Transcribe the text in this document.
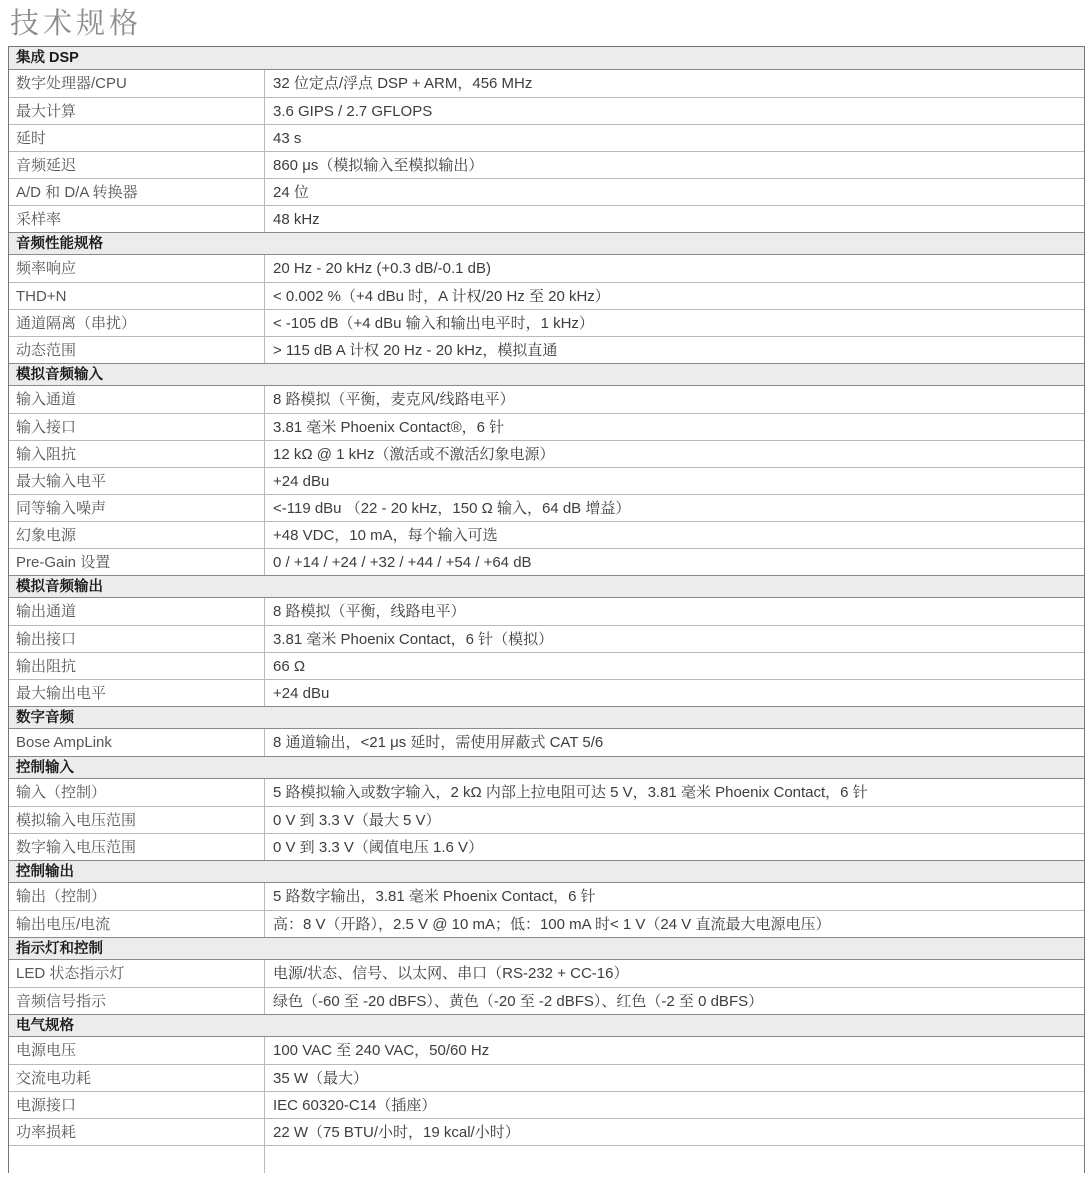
技术规格
集成 DSP
数字处理器/CPU	32 位定点/浮点 DSP + ARM，456 MHz
最大计算	3.6 GIPS / 2.7 GFLOPS
延时	43 s
音频延迟	860 μs（模拟输入至模拟输出）
A/D 和 D/A 转换器	24 位
采样率	48 kHz
音频性能规格
频率响应	20 Hz - 20 kHz (+0.3 dB/-0.1 dB)
THD+N	< 0.002 %（+4 dBu 时，A 计权/20 Hz 至 20 kHz）
通道隔离（串扰）	< -105 dB（+4 dBu 输入和输出电平时，1 kHz）
动态范围	> 115 dB A 计权 20 Hz - 20 kHz，模拟直通
模拟音频输入
输入通道	8 路模拟（平衡，麦克风/线路电平）
输入接口	3.81 毫米 Phoenix Contact®，6 针
输入阻抗	12 kΩ @ 1 kHz（激活或不激活幻象电源）
最大输入电平	+24 dBu
同等输入噪声	<-119 dBu （22 - 20 kHz，150 Ω 输入，64 dB 增益）
幻象电源	+48 VDC，10 mA，每个输入可选
Pre-Gain 设置	0 / +14 / +24 / +32 / +44 / +54 / +64 dB
模拟音频输出
输出通道	8 路模拟（平衡，线路电平）
输出接口	3.81 毫米 Phoenix Contact，6 针（模拟）
输出阻抗	66 Ω
最大输出电平	+24 dBu
数字音频
Bose AmpLink	8 通道输出，<21 μs 延时，需使用屏蔽式 CAT 5/6
控制输入
输入（控制）	5 路模拟输入或数字输入，2 kΩ 内部上拉电阻可达 5 V，3.81 毫米 Phoenix Contact，6 针
模拟输入电压范围	0 V 到 3.3 V（最大 5 V）
数字输入电压范围	0 V 到 3.3 V（阈值电压 1.6 V）
控制输出
输出（控制）	5 路数字输出，3.81 毫米 Phoenix Contact，6 针
输出电压/电流	高：8 V（开路），2.5 V @ 10 mA；低：100 mA 时< 1 V（24 V 直流最大电源电压）
指示灯和控制
LED 状态指示灯	电源/状态、信号、以太网、串口（RS-232 + CC-16）
音频信号指示	绿色（-60 至 -20 dBFS）、黄色（-20 至 -2 dBFS）、红色（-2 至 0 dBFS）
电气规格
电源电压	100 VAC 至 240 VAC，50/60 Hz
交流电功耗	35 W（最大）
电源接口	IEC 60320-C14（插座）
功率损耗	22 W（75 BTU/小时，19 kcal/小时）
